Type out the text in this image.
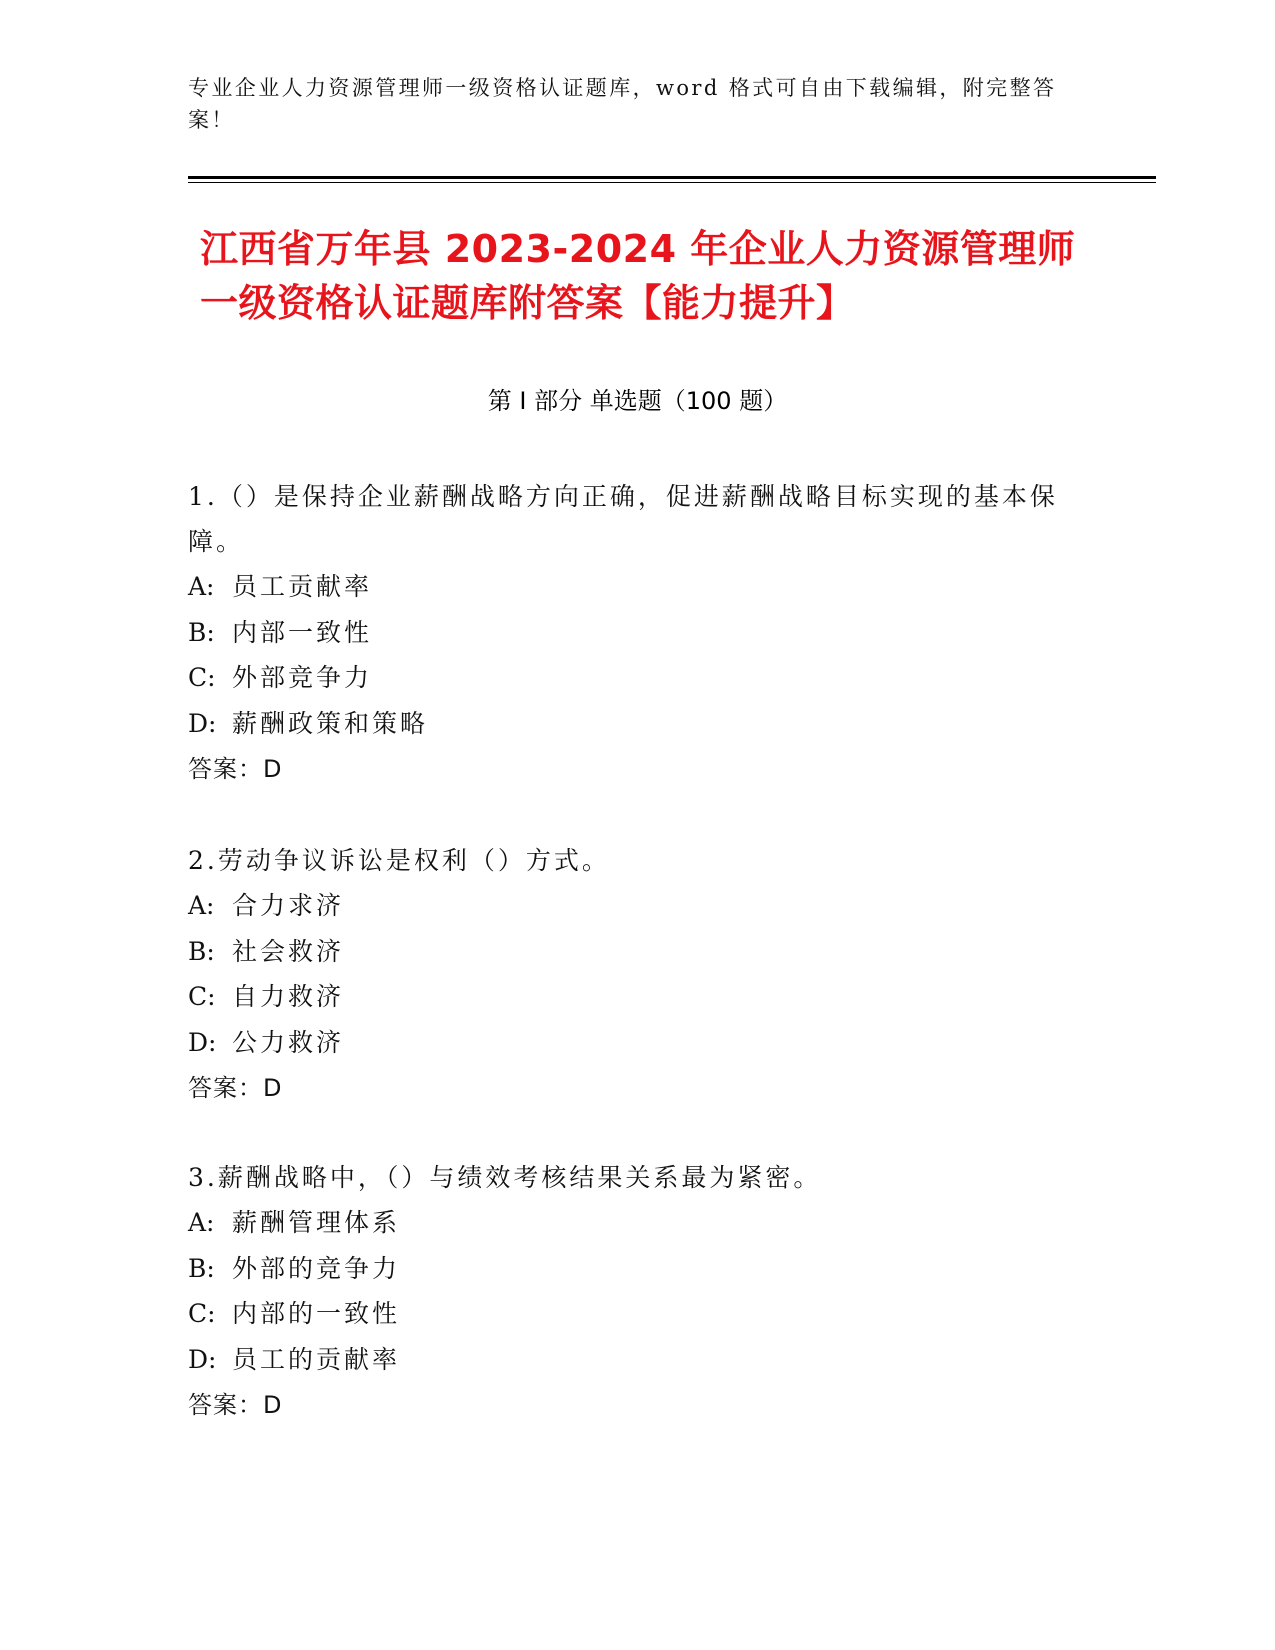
专业企业人力资源管理师一级资格认证题库，word 格式可自由下载编辑，附完整答案！
江西省万年县 2023-2024 年企业人力资源管理师一级资格认证题库附答案【能力提升】
第 I 部分 单选题（100 题）
1.（）是保持企业薪酬战略方向正确，促进薪酬战略目标实现的基本保障。
A: 员工贡献率
B: 内部一致性
C: 外部竞争力
D: 薪酬政策和策略
答案：D
2.劳动争议诉讼是权利（）方式。
A: 合力求济
B: 社会救济
C: 自力救济
D: 公力救济
答案：D
3.薪酬战略中，（）与绩效考核结果关系最为紧密。
A: 薪酬管理体系
B: 外部的竞争力
C: 内部的一致性
D: 员工的贡献率
答案：D
